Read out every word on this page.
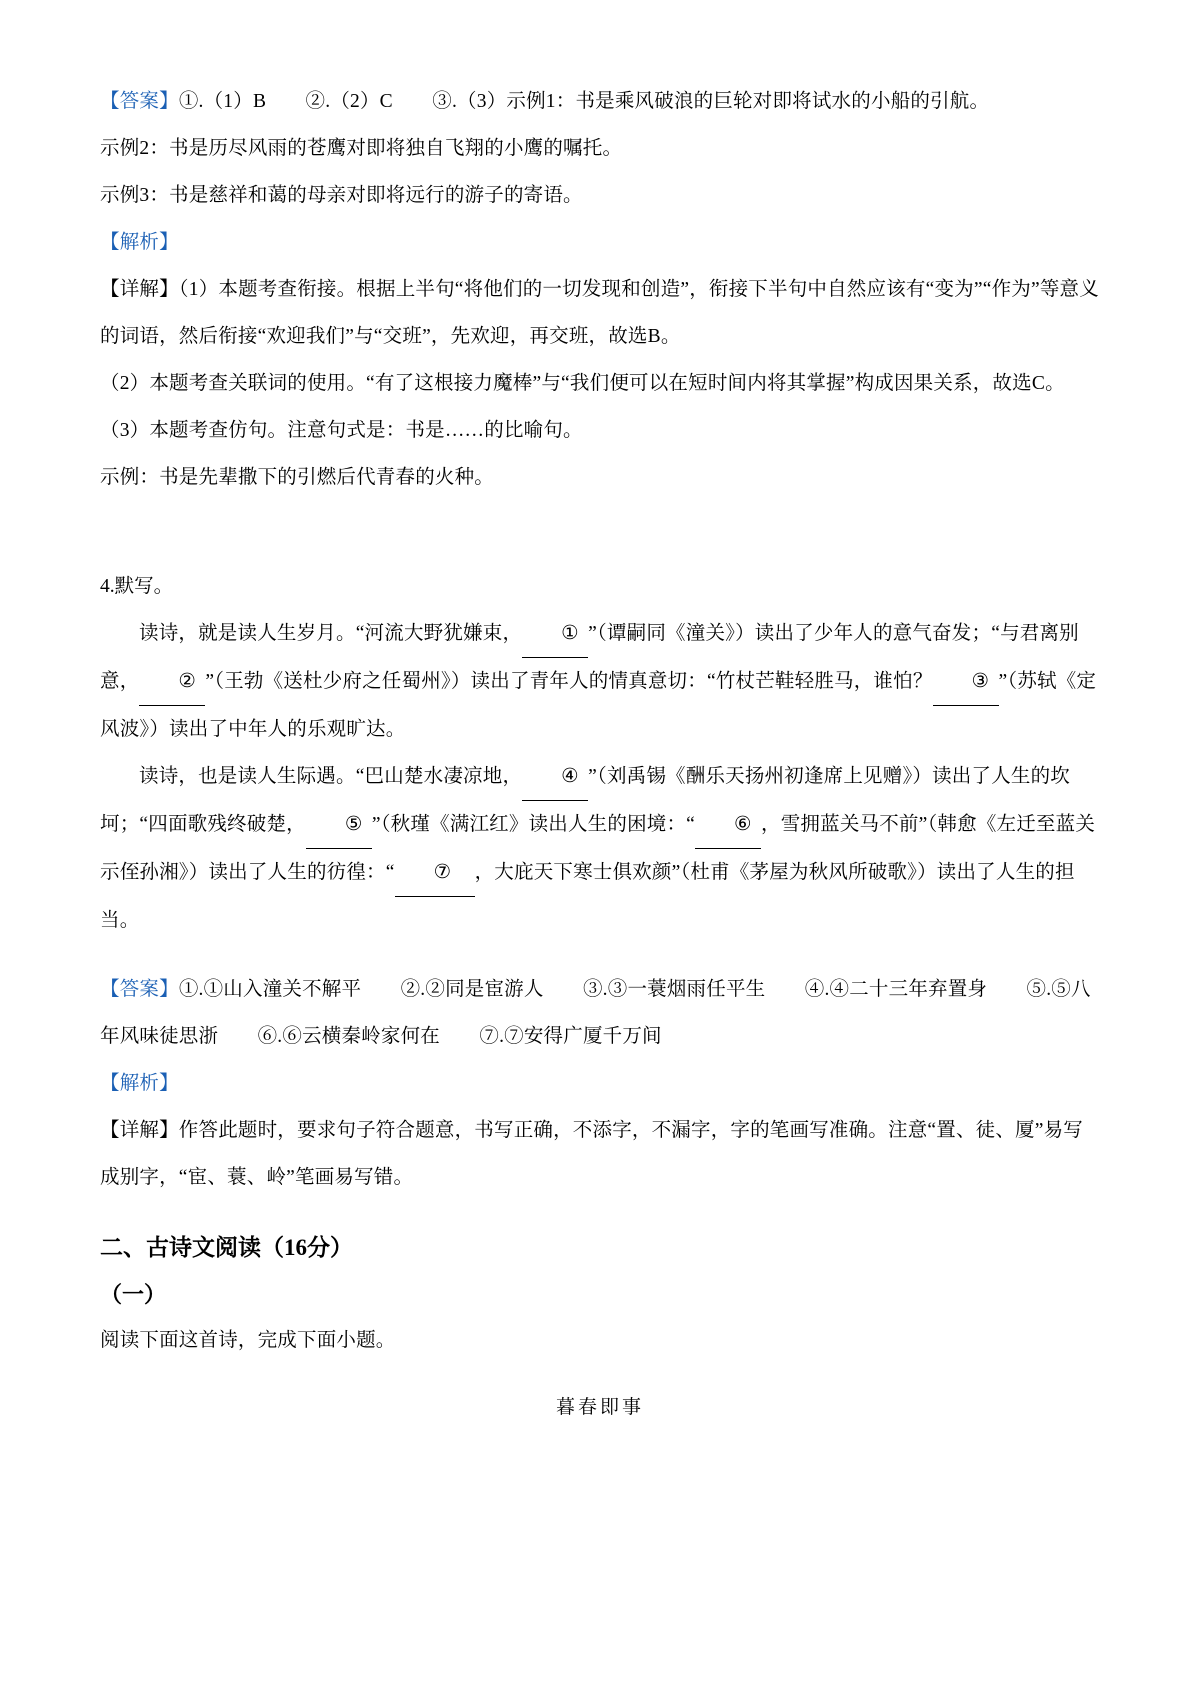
【答案】①.（1）B　　②.（2）C　　③.（3）示例1：书是乘风破浪的巨轮对即将试水的小船的引航。
示例2：书是历尽风雨的苍鹰对即将独自飞翔的小鹰的嘱托。
示例3：书是慈祥和蔼的母亲对即将远行的游子的寄语。
【解析】
【详解】（1）本题考查衔接。根据上半句“将他们的一切发现和创造”，衔接下半句中自然应该有“变为”“作为”等意义的词语，然后衔接“欢迎我们”与“交班”，先欢迎，再交班，故选B。
（2）本题考查关联词的使用。“有了这根接力魔棒”与“我们便可以在短时间内将其掌握”构成因果关系，故选C。
（3）本题考查仿句。注意句式是：书是……的比喻句。
示例：书是先辈撒下的引燃后代青春的火种。
4.默写。
读诗，就是读人生岁月。“河流大野犹嫌束， ① ”（谭嗣同《潼关》）读出了少年人的意气奋发；“与君离别意， ② ”（王勃《送杜少府之任蜀州》）读出了青年人的情真意切：“竹杖芒鞋轻胜马，谁怕？ ③ ”（苏轼《定风波》）读出了中年人的乐观旷达。
读诗，也是读人生际遇。“巴山楚水凄凉地， ④ ”（刘禹锡《酬乐天扬州初逢席上见赠》）读出了人生的坎坷；“四面歌残终破楚， ⑤ ”（秋瑾《满江红》读出人生的困境：“ ⑥ ，雪拥蓝关马不前”（韩愈《左迁至蓝关示侄孙湘》）读出了人生的彷徨：“ ⑦ ，大庇天下寒士俱欢颜”（杜甫《茅屋为秋风所破歌》）读出了人生的担当。
【答案】①.①山入潼关不解平　　②.②同是宦游人　　③.③一蓑烟雨任平生　　④.④二十三年弃置身　　⑤.⑤八年风味徒思浙　　⑥.⑥云横秦岭家何在　　⑦.⑦安得广厦千万间
【解析】
【详解】作答此题时，要求句子符合题意，书写正确，不添字，不漏字，字的笔画写准确。注意“置、徒、厦”易写成别字，“宦、蓑、岭”笔画易写错。
二、古诗文阅读（16分）
（一）
阅读下面这首诗，完成下面小题。
暮春即事
